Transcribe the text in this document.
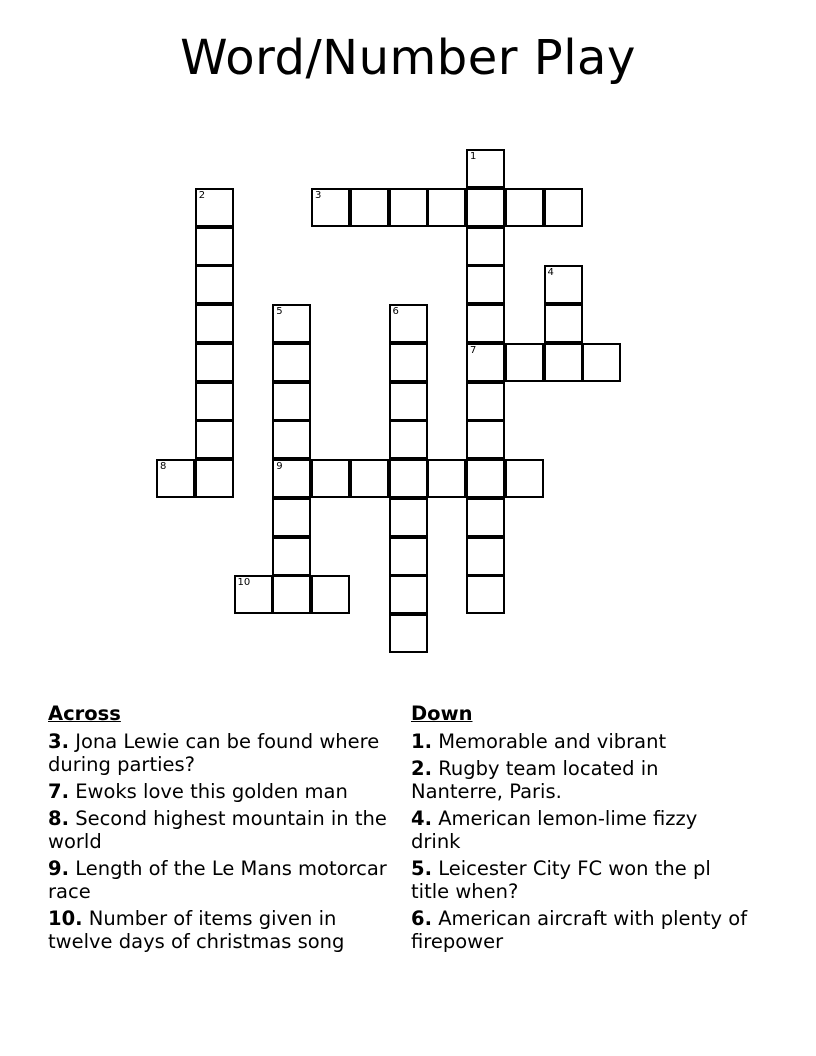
Word/Number Play
1
7
2	3
4
5
9
6
8
10
Across
3. Jona Lewie can be found where during parties?
7. Ewoks love this golden man
8. Second highest mountain in the world
9. Length of the Le Mans motorcar race
10. Number of items given in twelve days of christmas song
Down
1. Memorable and vibrant
2. Rugby team located in Nanterre, Paris.
4. American lemon-lime fizzy drink
5. Leicester City FC won the pl title when?
6. American aircraft with plenty of firepower
